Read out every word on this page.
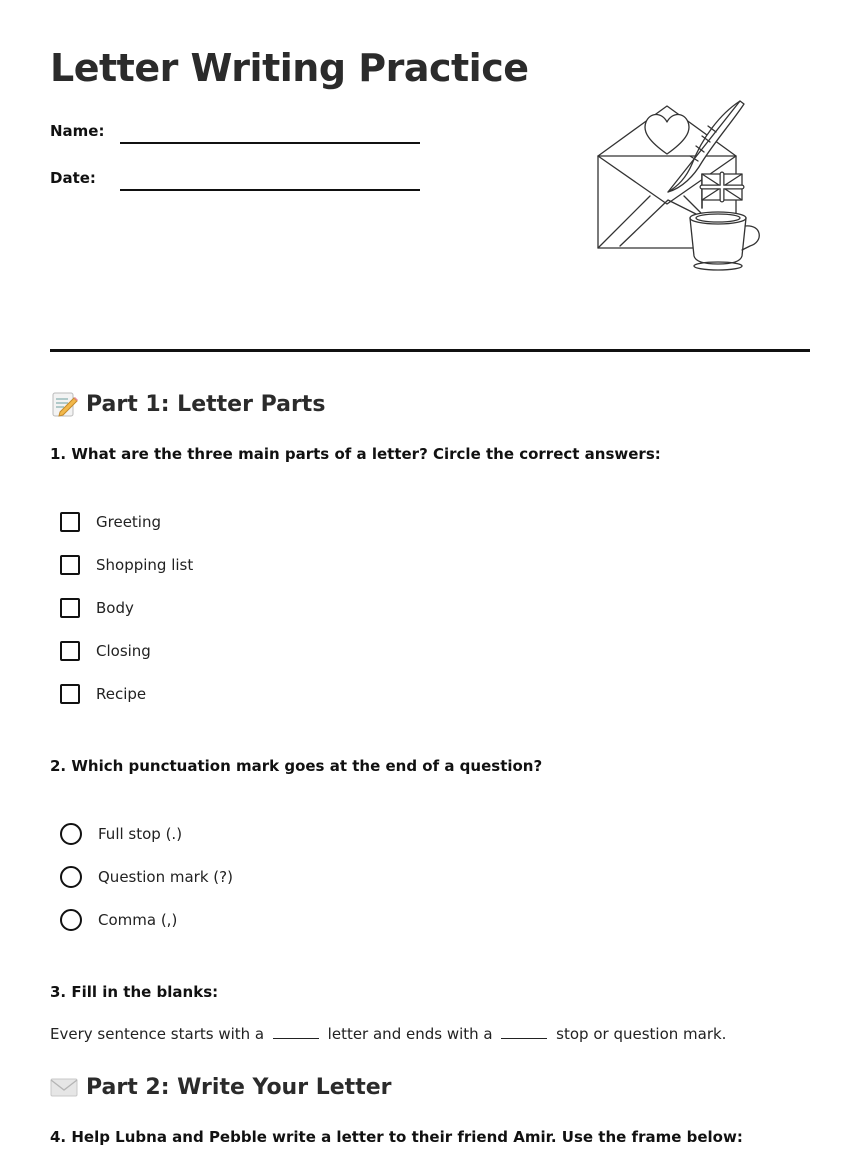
Letter Writing Practice
Name:
Date:
Part 1: Letter Parts

1. What are the three main parts of a letter? Circle the correct answers:

Greeting
Shopping list
Body
Closing
Recipe

2. Which punctuation mark goes at the end of a question?

Full stop (.)
Question mark (?)
Comma (,)

3. Fill in the blanks:

Every sentence starts with a	letter and ends with a	stop or question mark.
Part 2: Write Your Letter

4. Help Lubna and Pebble write a letter to their friend Amir. Use the frame below:
